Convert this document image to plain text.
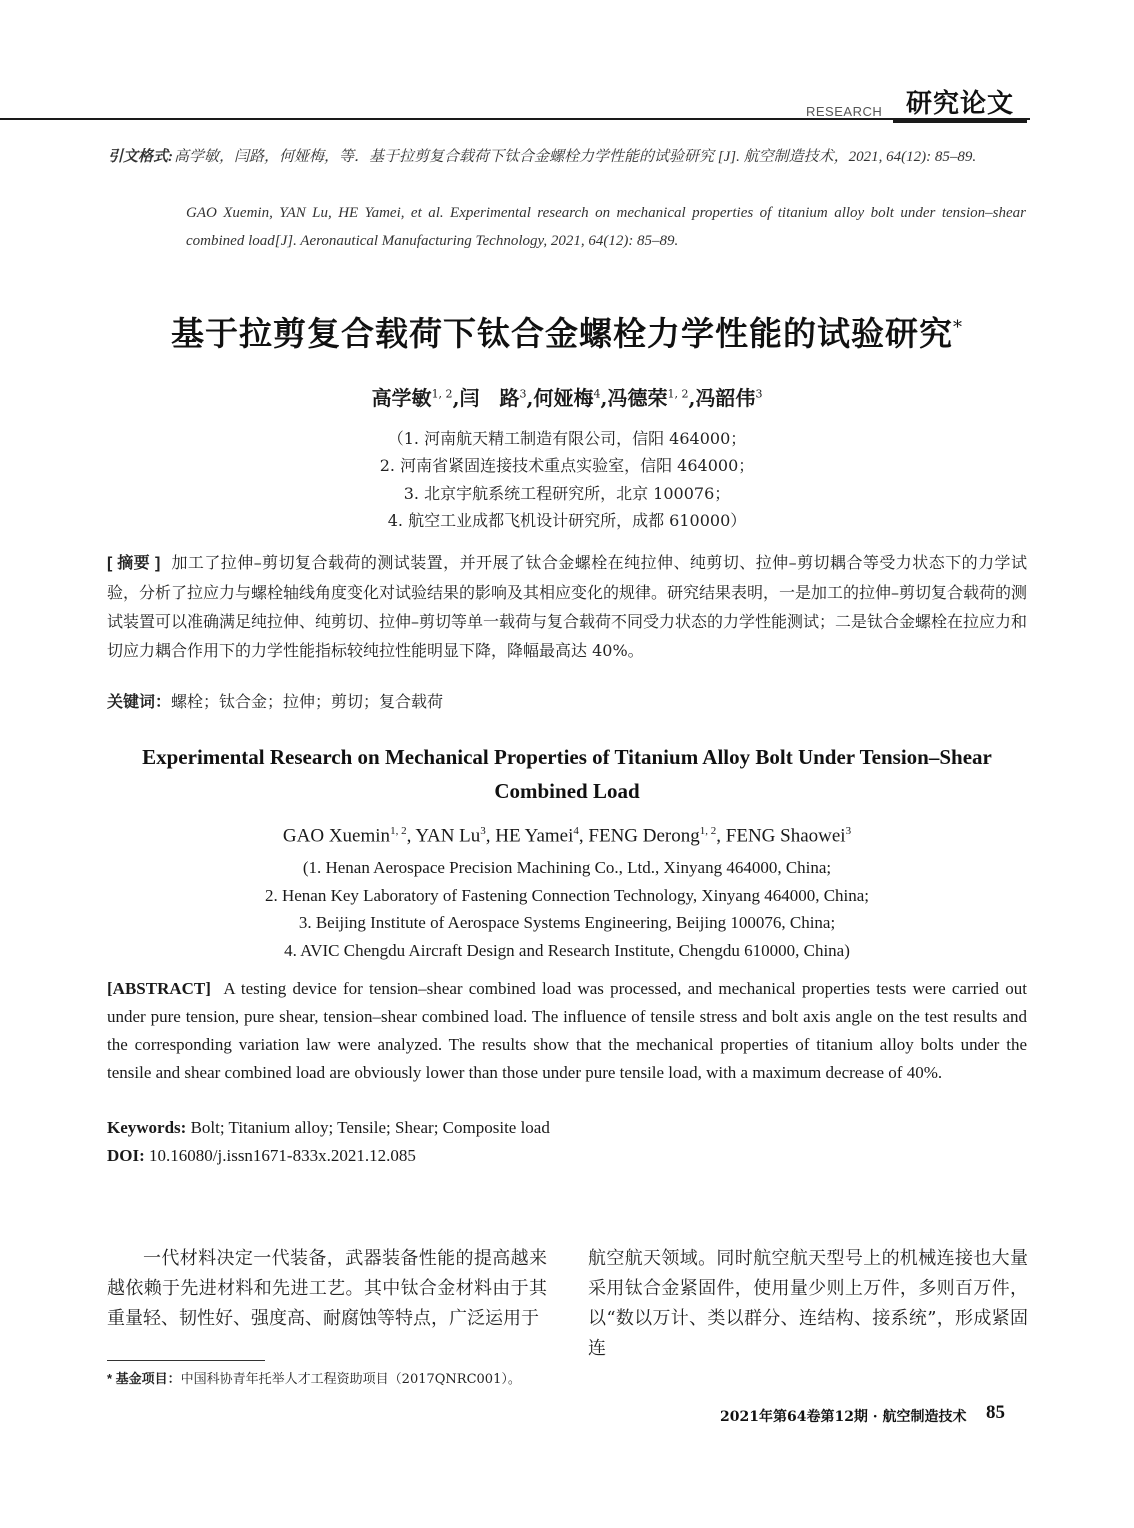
RESEARCH 研究论文
引文格式: 高学敏，闫路，何娅梅，等．基于拉剪复合载荷下钛合金螺栓力学性能的试验研究 [J]. 航空制造技术，2021, 64(12): 85–89.
GAO Xuemin, YAN Lu, HE Yamei, et al. Experimental research on mechanical properties of titanium alloy bolt under tension–shear combined load[J]. Aeronautical Manufacturing Technology, 2021, 64(12): 85–89.
基于拉剪复合载荷下钛合金螺栓力学性能的试验研究*
高学敏$^{1, 2}$,闫　路$^3$,何娅梅$^4$,冯德荣$^{1, 2}$,冯韶伟$^3$
（1. 河南航天精工制造有限公司，信阳 464000；
2. 河南省紧固连接技术重点实验室，信阳 464000；
3. 北京宇航系统工程研究所，北京 100076；
4. 航空工业成都飞机设计研究所，成都 610000）
[ 摘要 ] 加工了拉伸–剪切复合载荷的测试装置，并开展了钛合金螺栓在纯拉伸、纯剪切、拉伸–剪切耦合等受力状态下的力学试验，分析了拉应力与螺栓轴线角度变化对试验结果的影响及其相应变化的规律。研究结果表明，一是加工的拉伸–剪切复合载荷的测试装置可以准确满足纯拉伸、纯剪切、拉伸–剪切等单一载荷与复合载荷不同受力状态的力学性能测试；二是钛合金螺栓在拉应力和切应力耦合作用下的力学性能指标较纯拉性能明显下降，降幅最高达 40%。
关键词：螺栓；钛合金；拉伸；剪切；复合载荷
Experimental Research on Mechanical Properties of Titanium Alloy Bolt Under Tension–Shear Combined Load
GAO Xuemin$^{1, 2}$, YAN Lu$^3$, HE Yamei$^4$, FENG Derong$^{1, 2}$, FENG Shaowei$^3$
(1. Henan Aerospace Precision Machining Co., Ltd., Xinyang 464000, China;
2. Henan Key Laboratory of Fastening Connection Technology, Xinyang 464000, China;
3. Beijing Institute of Aerospace Systems Engineering, Beijing 100076, China;
4. AVIC Chengdu Aircraft Design and Research Institute, Chengdu 610000, China)
[ABSTRACT] A testing device for tension–shear combined load was processed, and mechanical properties tests were carried out under pure tension, pure shear, tension–shear combined load. The influence of tensile stress and bolt axis angle on the test results and the corresponding variation law were analyzed. The results show that the mechanical properties of titanium alloy bolts under the tensile and shear combined load are obviously lower than those under pure tensile load, with a maximum decrease of 40%.
Keywords: Bolt; Titanium alloy; Tensile; Shear; Composite load
DOI: 10.16080/j.issn1671-833x.2021.12.085
一代材料决定一代装备，武器装备性能的提高越来越依赖于先进材料和先进工艺。其中钛合金材料由于其重量轻、韧性好、强度高、耐腐蚀等特点，广泛运用于
航空航天领域。同时航空航天型号上的机械连接也大量采用钛合金紧固件，使用量少则上万件，多则百万件，以“数以万计、类以群分、连结构、接系统”，形成紧固连
* 基金项目：中国科协青年托举人才工程资助项目（2017QNRC001）。
2021年第64卷第12期 · 航空制造技术 85
